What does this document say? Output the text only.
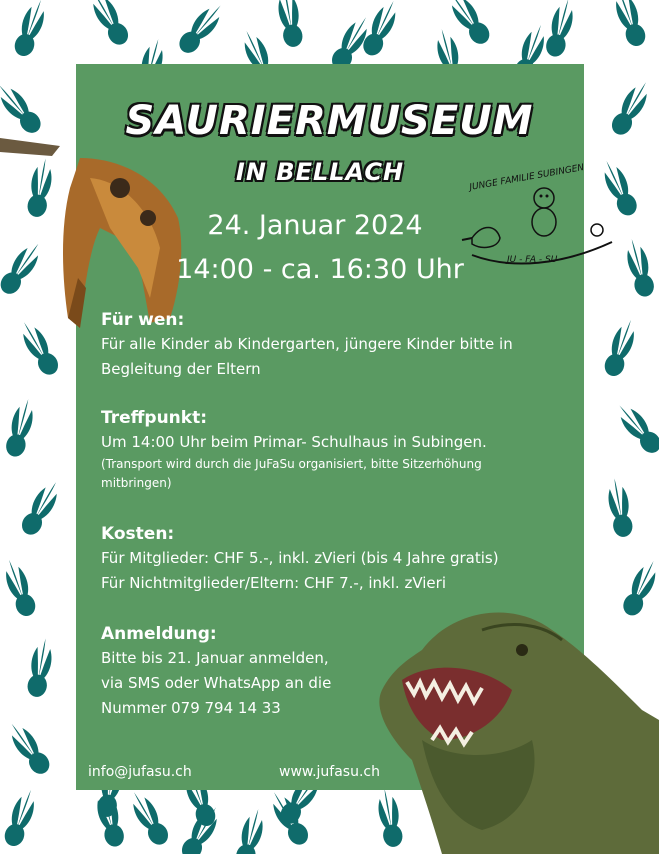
SAURIERMUSEUM
IN BELLACH	JUNGE FAMILIE SUBINGEN
JU - FA - SU
24. Januar 2024
14:00 - ca. 16:30 Uhr

Für wen:

Für alle Kinder ab Kindergarten, jüngere Kinder bitte in

Begleitung der Eltern

Treffpunkt:

Um 14:00 Uhr beim Primar- Schulhaus in Subingen.

(Transport wird durch die JuFaSu organisiert, bitte Sitzerhöhung

mitbringen)

Kosten:

Für Mitglieder: CHF 5.-, inkl. zVieri (bis 4 Jahre gratis)

Für Nichtmitglieder/Eltern: CHF 7.-, inkl. zVieri

Anmeldung:

Bitte bis 21. Januar anmelden,

via SMS oder WhatsApp an die

Nummer 079 794 14 33

info@jufasu.ch	www.jufasu.ch
